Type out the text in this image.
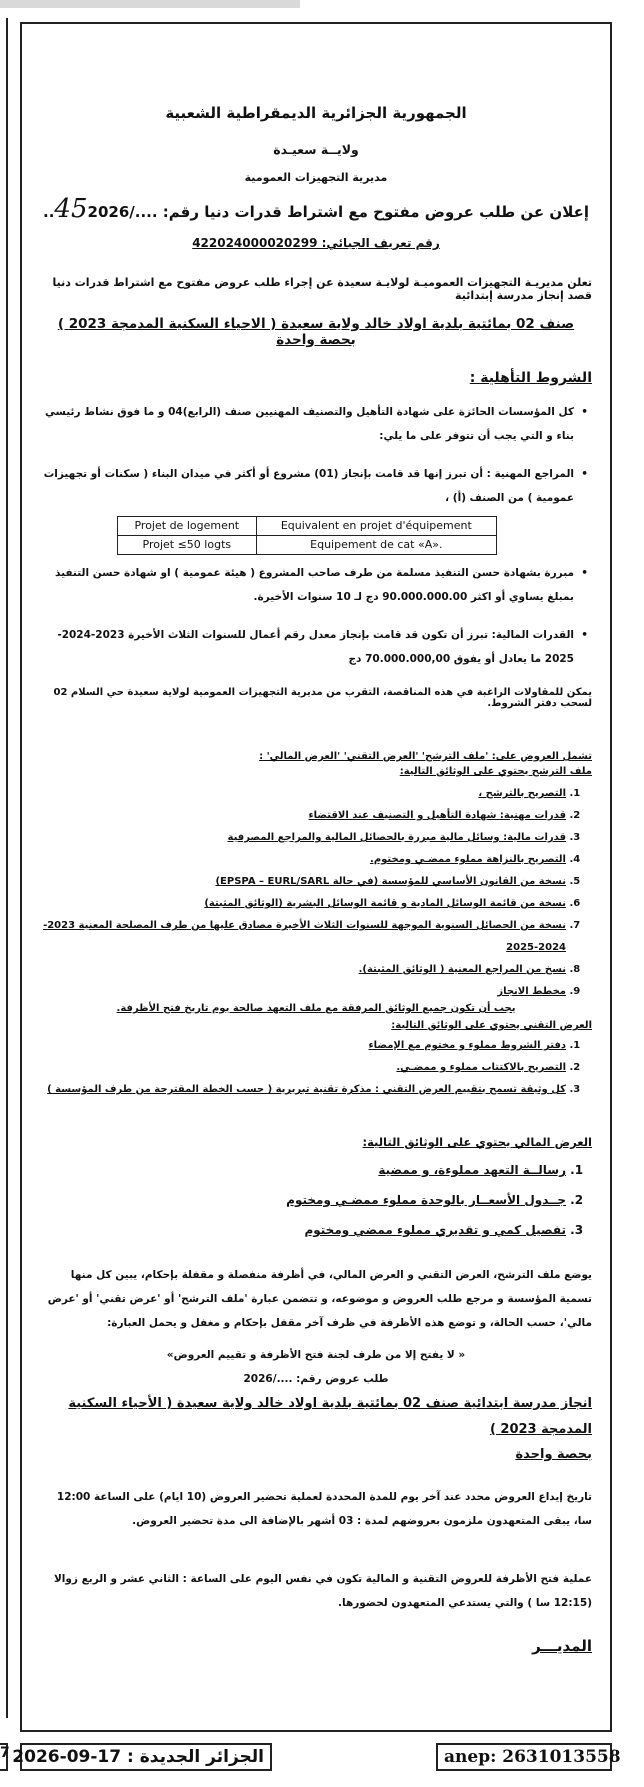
الجمهورية الجزائرية الديمقراطية الشعبية

ولايــة سعيـدة

مديرية التجهيزات العمومية

إعلان عن طلب عروض مفتوح مع اشتراط قدرات دنيا رقم: ..452026/....

رقم تعريف الجبائي: 422024000020299

تعلن مديريـة التجهيزات العموميـة لولايـة سعيدة عن إجراء طلب عروض مفتوح مع اشتراط قدرات دنيا قصد إنجاز مدرسة إبتدائية

صنف 02 بمائتية بلدية اولاد خالد ولاية سعيدة ( الاحياء السكنية المدمجة 2023 ) بحصة واحدة

الشروط التأهلية :

• كل المؤسسات الحائزة على شهادة التأهيل والتصنيف المهنيين صنف (الرابع)04 و ما فوق نشاط رئيسي بناء و التي يجب أن تتوفر على ما يلي:
• المراجع المهنية : أن تبرز إنها قد قامت بإنجاز (01) مشروع أو أكثر في ميدان البناء ( سكنات أو تجهيزات عمومية ) من الصنف (أ) ،
Projet de logement	Equivalent en projet d'équipement
Projet ≤50 logts	Equipement de cat «A».
• مبررة بشهادة حسن التنفيذ مسلمة من طرف صاحب المشروع ( هيئة عمومية ) او شهادة حسن التنفيذ بمبلغ يساوي أو اكثر 90.000.000.00 دج لـ 10 سنوات الأخيرة.
• القدرات المالية: تبرز أن تكون قد قامت بإنجاز معدل رقم أعمال للسنوات الثلاث الأخيرة 2023-2024-2025 ما يعادل أو يفوق 70.000.000,00 دج

يمكن للمقاولات الراغبة في هذه المناقصة، التقرب من مديرية التجهيزات العمومية لولاية سعيدة حي السلام 02 لسحب دفتر الشروط.

تشمل العروض على: 'ملف الترشح' 'العرض التقني' 'العرض المالي' :

ملف الترشح يحتوي على الوثائق التالية:

1. التصريح بالترشح ،
2. قدرات مهنية: شهادة التأهيل و التصنيف عند الاقتضاء
3. قدرات مالية: وسائل مالية مبررة بالحصائل المالية والمراجع المصرفية
4. التصريح بالنزاهة مملوء ممضـي ومختوم.
5. نسخة من القانون الأساسي للمؤسسة (في حالة EPSPA – EURL/SARL)
6. نسخة من قائمة الوسائل المادية و قائمة الوسائل البشرية (الوثائق المثبتة)
7. نسخة من الحصائل السنوية الموجهة للسنوات الثلاث الأخيرة مصادق عليها من طرف المصلحة المعنية 2023-2024-2025
8. نسخ من المراجع المعنية ( الوثائق المثبتة).
9. مخطط الانجاز

يجب أن تكون جميع الوثائق المرفقة مع ملف التعهد صالحة يوم تاريخ فتح الأظرفة.

العرض التقني يحتوي على الوثائق التالية:

1. دفتر الشروط مملوء و مختوم مع الإمضاء
2. التصريح بالاكتتاب مملوء و ممضـي.
3. كل وثيقة تسمح بتقييم العرض التقني : مذكرة تقنية تبريرية ( حسب الخطة المقترحة من طرف المؤسسة )

العرض المالي يحتوي على الوثائق التالية:

1. رسالــة التعهد مملوءة، و ممضية
2. جــدول الأسعــار بالوحدة مملوء ممضـي ومختوم
3. تفصيل كمي و تقديري مملوء ممضي ومختوم

يوضع ملف الترشح، العرض التقني و العرض المالي، في أظرفة منفصلة و مقفلة بإحكام، يبين كل منها تسمية المؤسسة و مرجع طلب العروض و موضوعه، و تتضمن عبارة 'ملف الترشح' أو 'عرض تقني' أو 'عرض مالي'، حسب الحالة، و توضع هذه الأظرفة في ظرف آخر مقفل بإحكام و مغفل و يحمل العبارة:

« لا يفتح إلا من طرف لجنة فتح الأظرفة و تقييم العروض»

طلب عروض رقم: ..../2026

انجاز مدرسة ابتدائية صنف 02 بمائتية بلدية اولاد خالد ولاية سعيدة ( الأحياء السكنية المدمجة 2023 )

بحصة واحدة

تاريخ إيداع العروض محدد عند آخر يوم للمدة المحددة لعملية تحضير العروض (10 ايام) على الساعة 12:00 سا، يبقى المتعهدون ملزمون بعروضهم لمدة : 03 أشهر بالإضافة الى مدة تحضير العروض.

عملية فتح الأظرفة للعروض التقنية و المالية تكون في نفس اليوم على الساعة : الثاني عشر و الربع زوالا (12:15 سا ) والتي يستدعي المتعهدون لحضورها.

المديـــر

7 الجزائر الجديدة : 17-09-2026	anep: 2631013558
